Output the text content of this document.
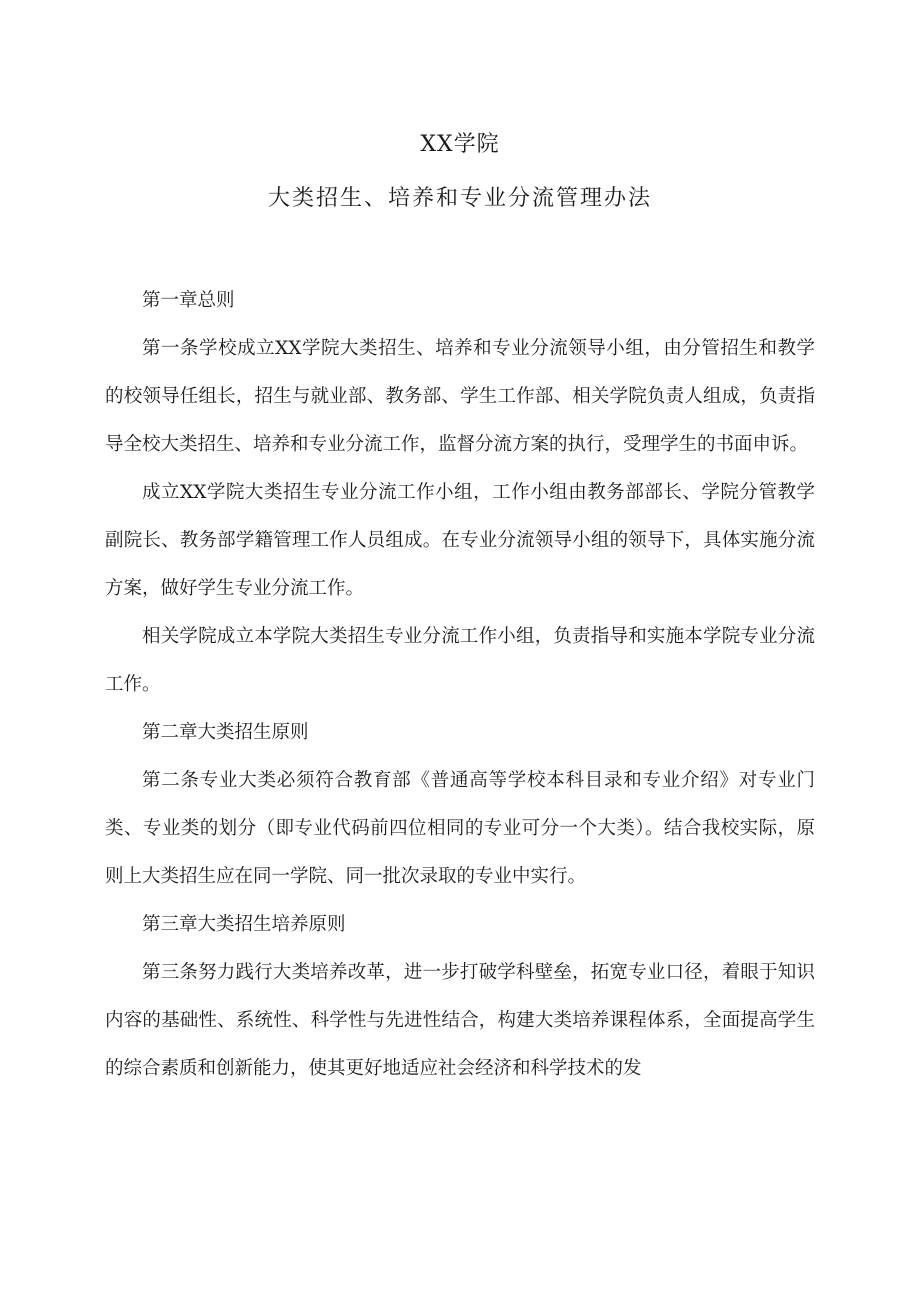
XX学院
大类招生、培养和专业分流管理办法

第一章总则

第一条学校成立XX学院大类招生、培养和专业分流领导小组，由分管招生和教学的校领导任组长，招生与就业部、教务部、学生工作部、相关学院负责人组成，负责指导全校大类招生、培养和专业分流工作，监督分流方案的执行，受理学生的书面申诉。

成立XX学院大类招生专业分流工作小组，工作小组由教务部部长、学院分管教学副院长、教务部学籍管理工作人员组成。在专业分流领导小组的领导下，具体实施分流方案，做好学生专业分流工作。

相关学院成立本学院大类招生专业分流工作小组，负责指导和实施本学院专业分流工作。

第二章大类招生原则

第二条专业大类必须符合教育部《普通高等学校本科目录和专业介绍》对专业门类、专业类的划分（即专业代码前四位相同的专业可分一个大类）。结合我校实际，原则上大类招生应在同一学院、同一批次录取的专业中实行。

第三章大类招生培养原则

第三条努力践行大类培养改革，进一步打破学科壁垒，拓宽专业口径，着眼于知识内容的基础性、系统性、科学性与先进性结合，构建大类培养课程体系，全面提高学生的综合素质和创新能力，使其更好地适应社会经济和科学技术的发
